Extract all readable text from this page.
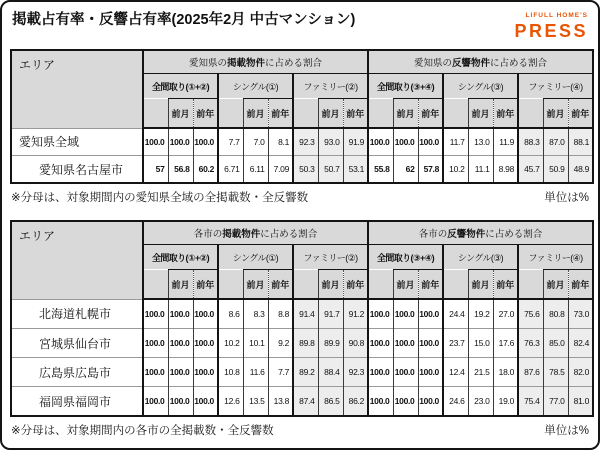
掲載占有率・反響占有率(2025年2月 中古マンション)	LIFULL HOME'S
PRESS
エリア	愛知県の掲載物件に占める割合									愛知県の反響物件に占める割合								
	全間取り(①+②)			シングル(①)			ファミリー(②)			全間取り(③+④)			シングル(③)			ファミリー(④)		
		前月	前年		前月	前年		前月	前年		前月	前年		前月	前年		前月	前年
愛知県全域	100.0	100.0	100.0	7.7	7.0	8.1	92.3	93.0	91.9	100.0	100.0	100.0	11.7	13.0	11.9	88.3	87.0	88.1
愛知県名古屋市	57	56.8	60.2	6.71	6.11	7.09	50.3	50.7	53.1	55.8	62	57.8	10.2	11.1	8.98	45.7	50.9	48.9
※分母は、対象期間内の愛知県全域の全掲載数・全反響数	単位は%
エリア	各市の掲載物件に占める割合									各市の反響物件に占める割合								
	全間取り(①+②)			シングル(①)			ファミリー(②)			全間取り(③+④)			シングル(③)			ファミリー(④)		
		前月	前年		前月	前年		前月	前年		前月	前年		前月	前年		前月	前年
北海道札幌市	100.0	100.0	100.0	8.6	8.3	8.8	91.4	91.7	91.2	100.0	100.0	100.0	24.4	19.2	27.0	75.6	80.8	73.0
宮城県仙台市	100.0	100.0	100.0	10.2	10.1	9.2	89.8	89.9	90.8	100.0	100.0	100.0	23.7	15.0	17.6	76.3	85.0	82.4
広島県広島市	100.0	100.0	100.0	10.8	11.6	7.7	89.2	88.4	92.3	100.0	100.0	100.0	12.4	21.5	18.0	87.6	78.5	82.0
福岡県福岡市	100.0	100.0	100.0	12.6	13.5	13.8	87.4	86.5	86.2	100.0	100.0	100.0	24.6	23.0	19.0	75.4	77.0	81.0
※分母は、対象期間内の各市の全掲載数・全反響数	単位は%
